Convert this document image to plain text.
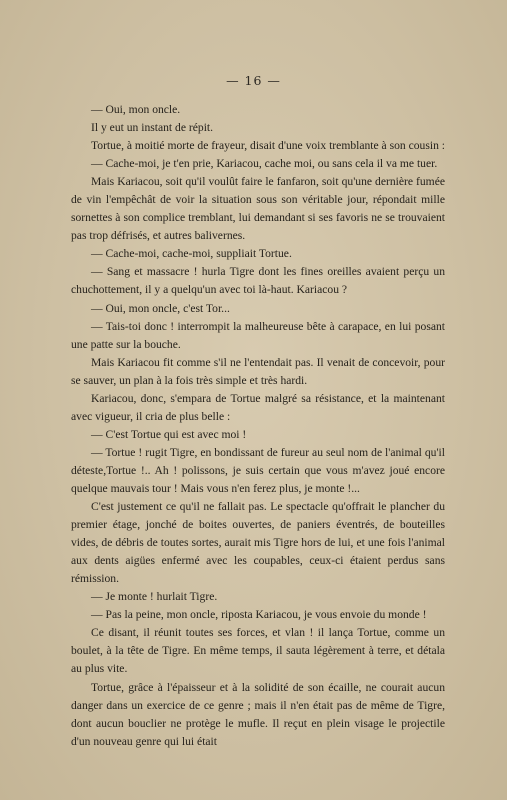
— 16 —

— Oui, mon oncle.

Il y eut un instant de répit.

Tortue, à moitié morte de frayeur, disait d'une voix tremblante à son cousin :

— Cache-moi, je t'en prie, Kariacou, cache moi, ou sans cela il va me tuer.

Mais Kariacou, soit qu'il voulût faire le fanfaron, soit qu'une dernière fumée de vin l'empêchât de voir la situation sous son véritable jour, répondait mille sornettes à son complice tremblant, lui demandant si ses favoris ne se trouvaient pas trop défrisés, et autres balivernes.

— Cache-moi, cache-moi, suppliait Tortue.

— Sang et massacre ! hurla Tigre dont les fines oreilles avaient perçu un chuchottement, il y a quelqu'un avec toi là-haut. Kariacou ?

— Oui, mon oncle, c'est Tor...

— Tais-toi donc ! interrompit la malheureuse bête à carapace, en lui posant une patte sur la bouche.

Mais Kariacou fit comme s'il ne l'entendait pas. Il venait de concevoir, pour se sauver, un plan à la fois très simple et très hardi.

Kariacou, donc, s'empara de Tortue malgré sa résistance, et la maintenant avec vigueur, il cria de plus belle :

— C'est Tortue qui est avec moi !

— Tortue ! rugit Tigre, en bondissant de fureur au seul nom de l'animal qu'il déteste,Tortue !.. Ah ! polissons, je suis certain que vous m'avez joué encore quelque mauvais tour ! Mais vous n'en ferez plus, je monte !...

C'est justement ce qu'il ne fallait pas. Le spectacle qu'offrait le plancher du premier étage, jonché de boites ouvertes, de paniers éventrés, de bouteilles vides, de débris de toutes sortes, aurait mis Tigre hors de lui, et une fois l'animal aux dents aigües enfermé avec les coupables, ceux-ci étaient perdus sans rémission.

— Je monte ! hurlait Tigre.

— Pas la peine, mon oncle, riposta Kariacou, je vous envoie du monde !

Ce disant, il réunit toutes ses forces, et vlan ! il lança Tortue, comme un boulet, à la tête de Tigre. En même temps, il sauta légèrement à terre, et détala au plus vite.

Tortue, grâce à l'épaisseur et à la solidité de son écaille, ne courait aucun danger dans un exercice de ce genre ; mais il n'en était pas de même de Tigre, dont aucun bouclier ne protège le mufle. Il reçut en plein visage le projectile d'un nouveau genre qui lui était
